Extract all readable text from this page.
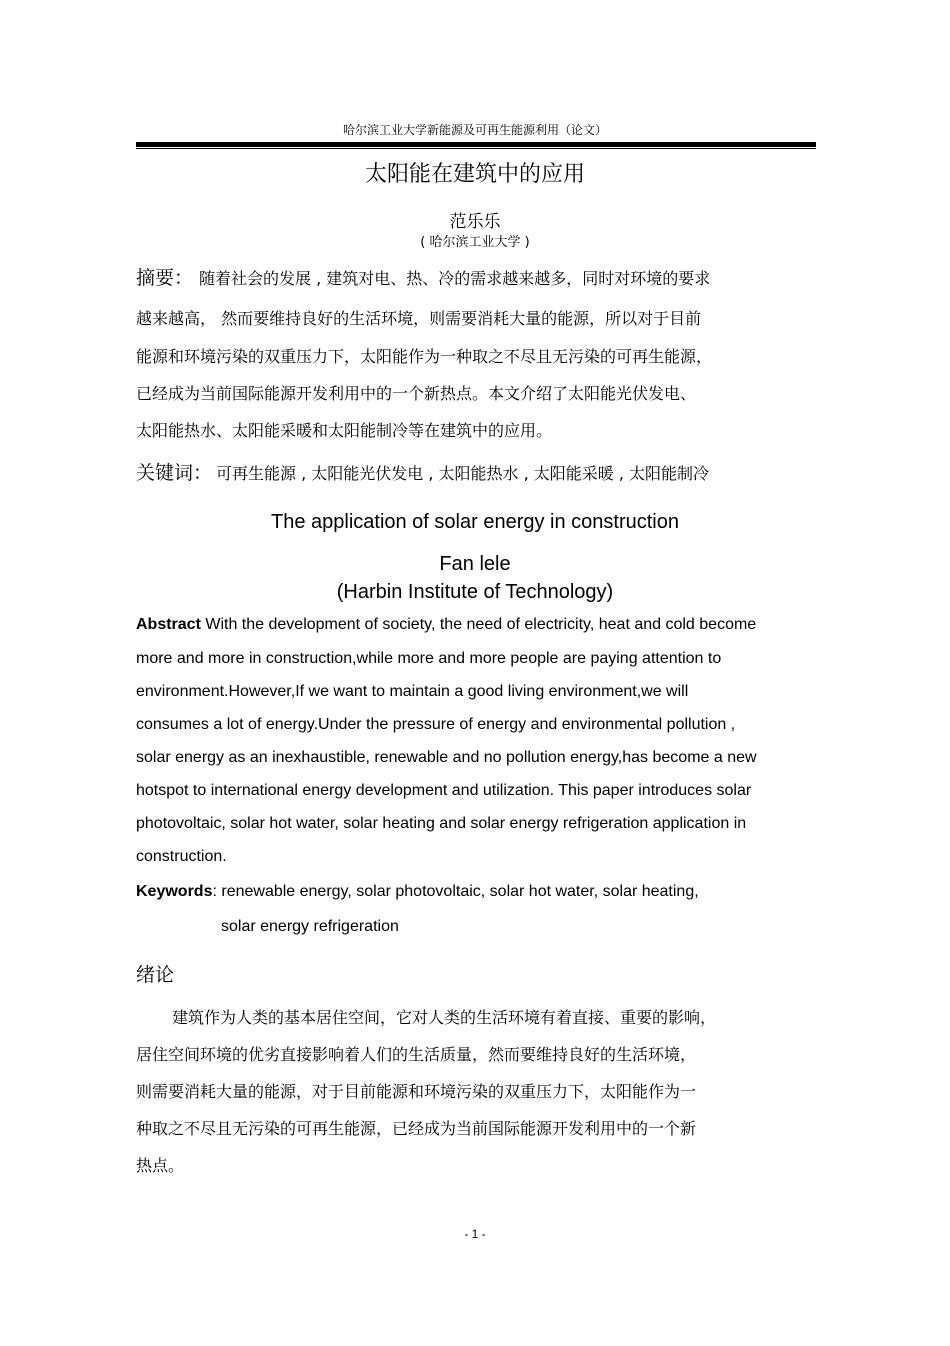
哈尔滨工业大学新能源及可再生能源利用（论文）
太阳能在建筑中的应用
范乐乐
( 哈尔滨工业大学 )
摘要： 随着社会的发展 , 建筑对电、热、冷的需求越来越多，同时对环境的要求
越来越高， 然而要维持良好的生活环境，则需要消耗大量的能源，所以对于目前
能源和环境污染的双重压力下，太阳能作为一种取之不尽且无污染的可再生能源，
已经成为当前国际能源开发利用中的一个新热点。本文介绍了太阳能光伏发电、
太阳能热水、太阳能采暖和太阳能制冷等在建筑中的应用。
关键词： 可再生能源 , 太阳能光伏发电 , 太阳能热水 , 太阳能采暖 , 太阳能制冷
The application of solar energy in construction
Fan lele
(Harbin Institute of Technology)
Abstract With the development of society, the need of electricity, heat and cold become
more and more in construction,while more and more people are paying attention to
environment.However,If we want to maintain a good living environment,we will
consumes a lot of energy.Under the pressure of energy and environmental pollution ,
solar energy as an inexhaustible, renewable and no pollution energy,has become a new
hotspot to international energy development and utilization. This paper introduces solar
photovoltaic, solar hot water, solar heating and solar energy refrigeration application in
construction.
Keywords: renewable energy, solar photovoltaic, solar hot water, solar heating,
solar energy refrigeration
绪论
建筑作为人类的基本居住空间，它对人类的生活环境有着直接、重要的影响，
居住空间环境的优劣直接影响着人们的生活质量，然而要维持良好的生活环境，
则需要消耗大量的能源，对于目前能源和环境污染的双重压力下，太阳能作为一
种取之不尽且无污染的可再生能源，已经成为当前国际能源开发利用中的一个新
热点。
- 1 -
